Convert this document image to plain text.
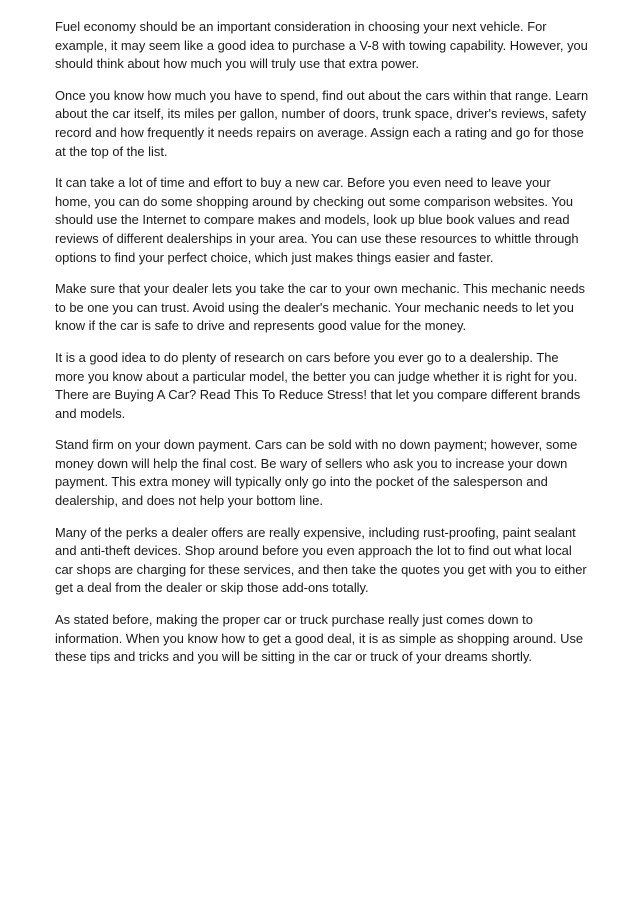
Fuel economy should be an important consideration in choosing your next vehicle. For example, it may seem like a good idea to purchase a V-8 with towing capability. However, you should think about how much you will truly use that extra power.

Once you know how much you have to spend, find out about the cars within that range. Learn about the car itself, its miles per gallon, number of doors, trunk space, driver's reviews, safety record and how frequently it needs repairs on average. Assign each a rating and go for those at the top of the list.

It can take a lot of time and effort to buy a new car. Before you even need to leave your home, you can do some shopping around by checking out some comparison websites. You should use the Internet to compare makes and models, look up blue book values and read reviews of different dealerships in your area. You can use these resources to whittle through options to find your perfect choice, which just makes things easier and faster.

Make sure that your dealer lets you take the car to your own mechanic. This mechanic needs to be one you can trust. Avoid using the dealer's mechanic. Your mechanic needs to let you know if the car is safe to drive and represents good value for the money.

It is a good idea to do plenty of research on cars before you ever go to a dealership. The more you know about a particular model, the better you can judge whether it is right for you. There are Buying A Car? Read This To Reduce Stress! that let you compare different brands and models.

Stand firm on your down payment. Cars can be sold with no down payment; however, some money down will help the final cost. Be wary of sellers who ask you to increase your down payment. This extra money will typically only go into the pocket of the salesperson and dealership, and does not help your bottom line.

Many of the perks a dealer offers are really expensive, including rust-proofing, paint sealant and anti-theft devices. Shop around before you even approach the lot to find out what local car shops are charging for these services, and then take the quotes you get with you to either get a deal from the dealer or skip those add-ons totally.

As stated before, making the proper car or truck purchase really just comes down to information. When you know how to get a good deal, it is as simple as shopping around. Use these tips and tricks and you will be sitting in the car or truck of your dreams shortly.
